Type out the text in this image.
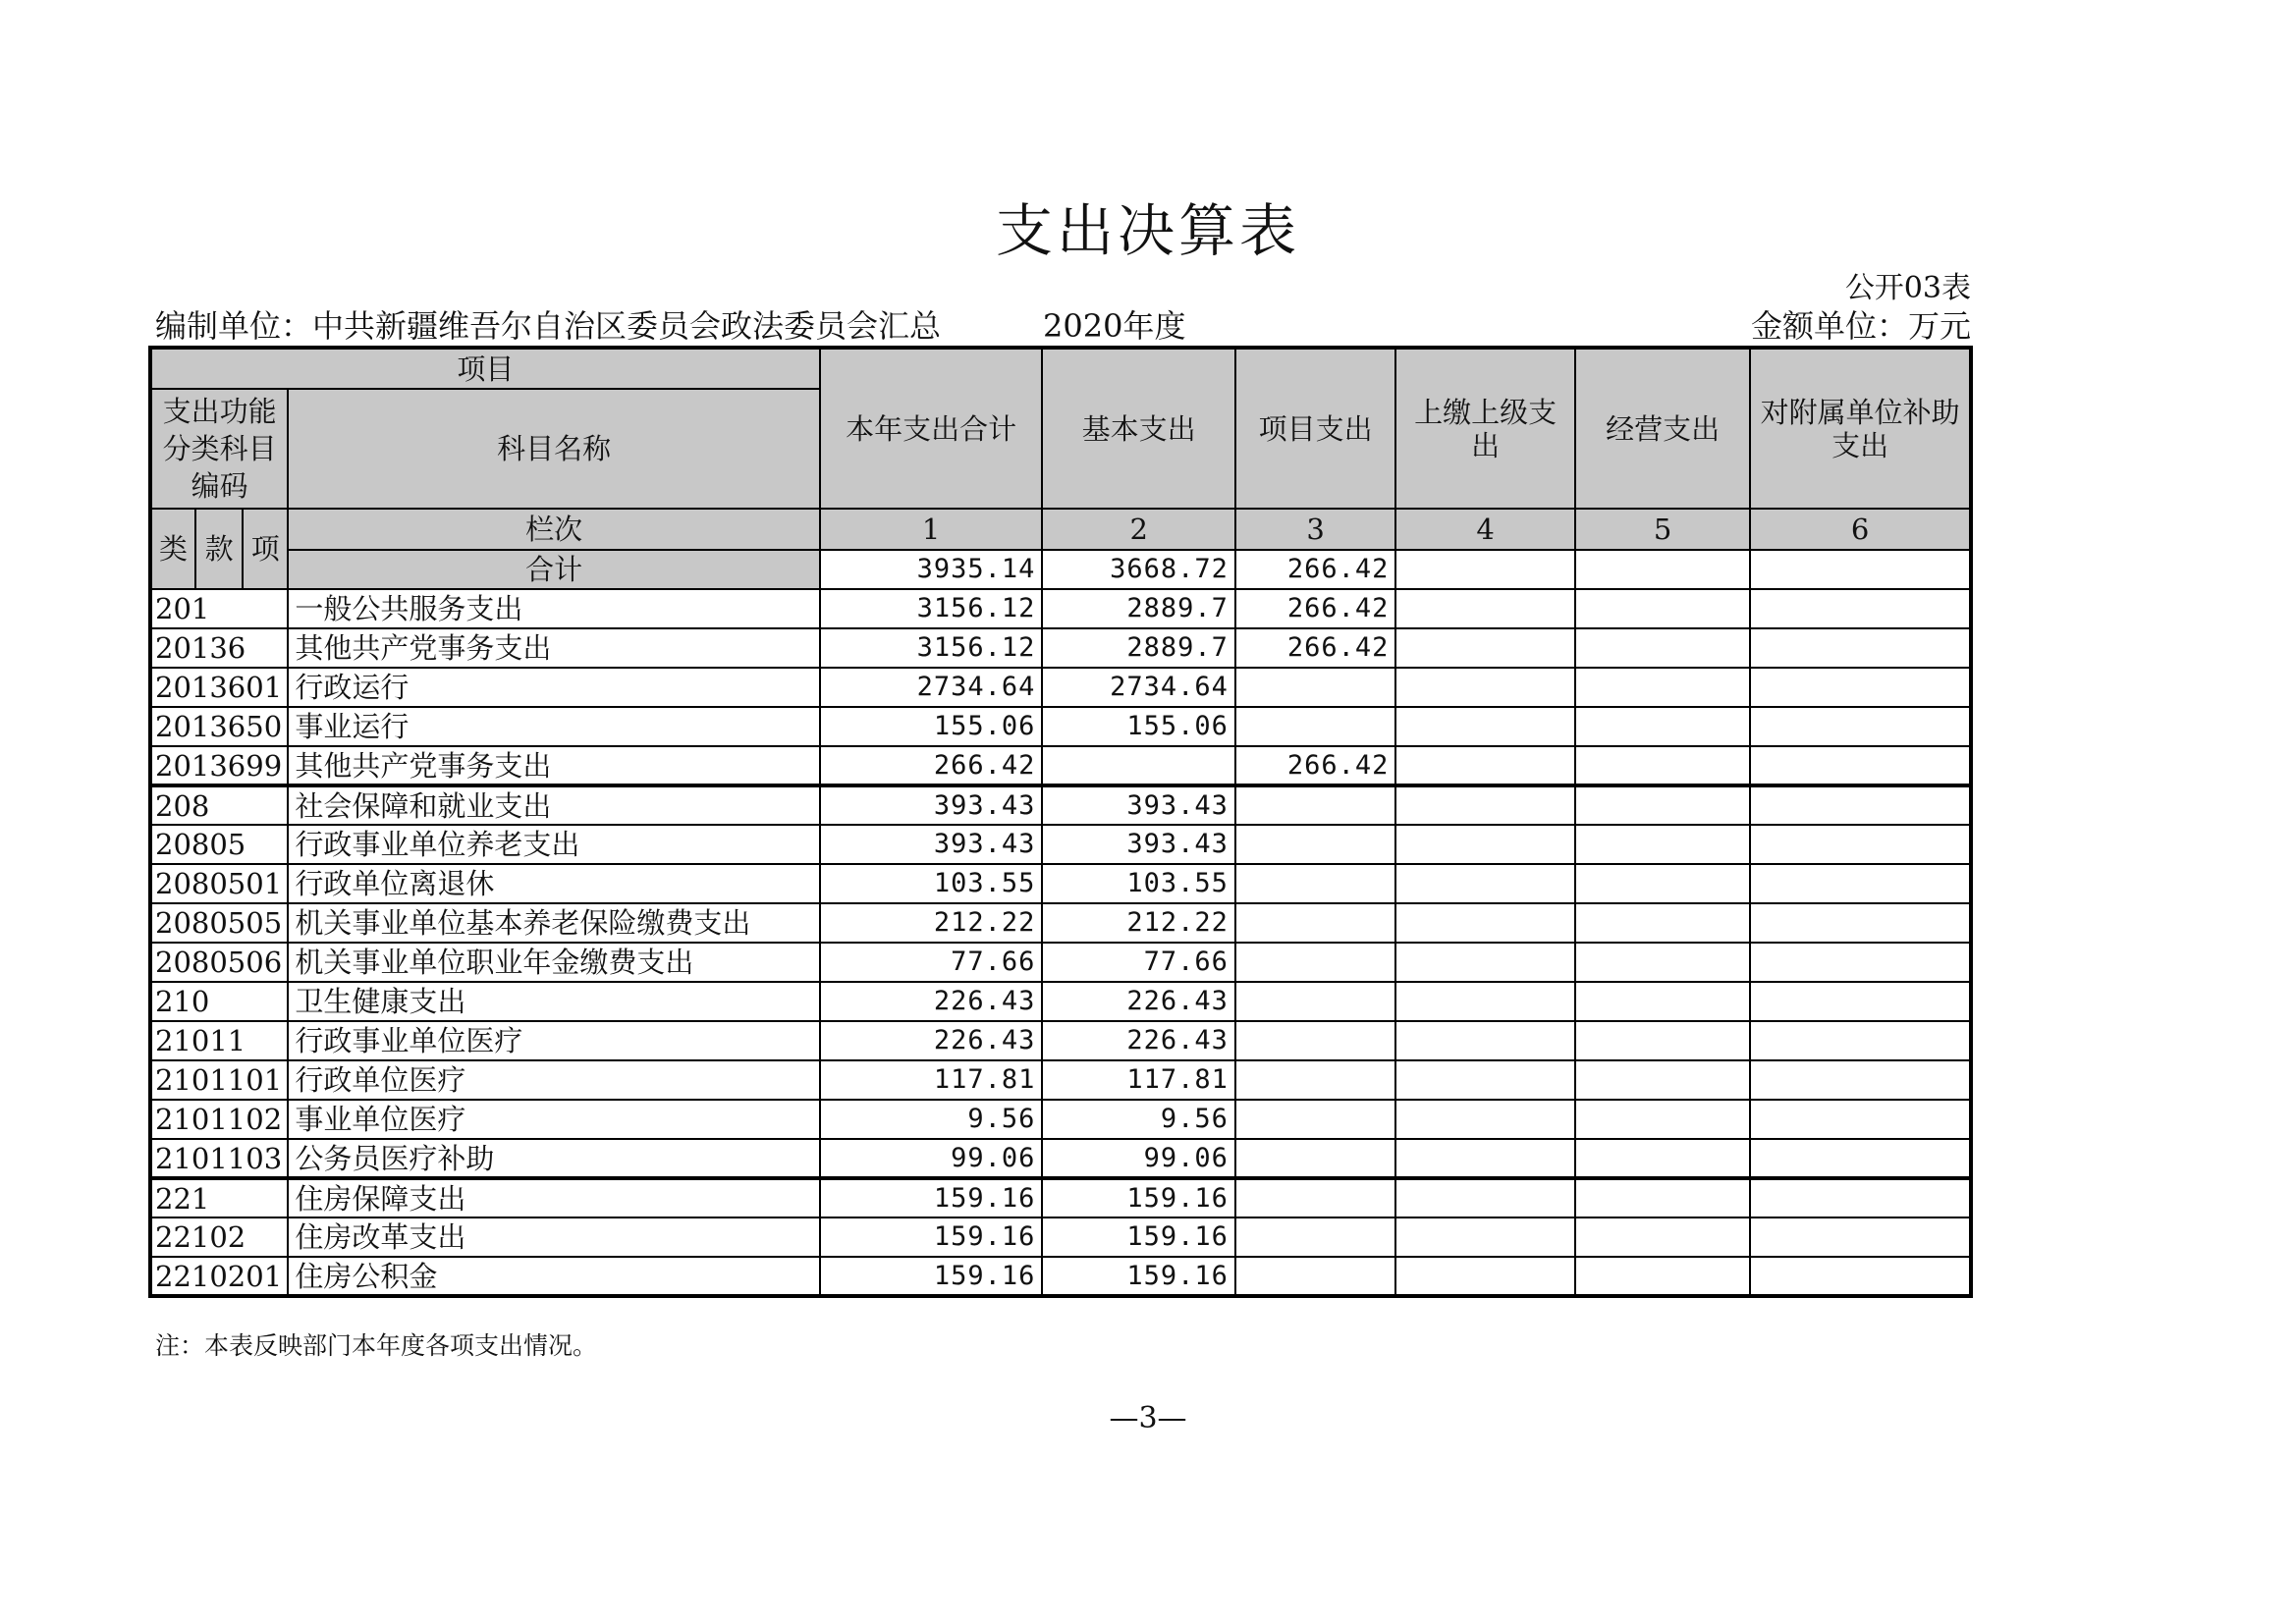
支出决算表
公开03表
编制单位：中共新疆维吾尔自治区委员会政法委员会汇总	2020年度	金额单位：万元
项目				本年支出合计	基本支出	项目支出	上缴上级支出	经营支出	对附属单位补助支出
支出功能分类科目编码			科目名称						
类	款	项	栏次	1	2	3	4	5	6
			合计	3935.14	3668.72	266.42			
201			一般公共服务支出	3156.12	2889.7	266.42			
20136			其他共产党事务支出	3156.12	2889.7	266.42			
2013601			行政运行	2734.64	2734.64				
2013650			事业运行	155.06	155.06				
2013699			其他共产党事务支出	266.42		266.42			
208			社会保障和就业支出	393.43	393.43				
20805			行政事业单位养老支出	393.43	393.43				
2080501			行政单位离退休	103.55	103.55				
2080505			机关事业单位基本养老保险缴费支出	212.22	212.22				
2080506			机关事业单位职业年金缴费支出	77.66	77.66				
210			卫生健康支出	226.43	226.43				
21011			行政事业单位医疗	226.43	226.43				
2101101			行政单位医疗	117.81	117.81				
2101102			事业单位医疗	9.56	9.56				
2101103			公务员医疗补助	99.06	99.06				
221			住房保障支出	159.16	159.16				
22102			住房改革支出	159.16	159.16				
2210201			住房公积金	159.16	159.16				
注：本表反映部门本年度各项支出情况。
—3—
